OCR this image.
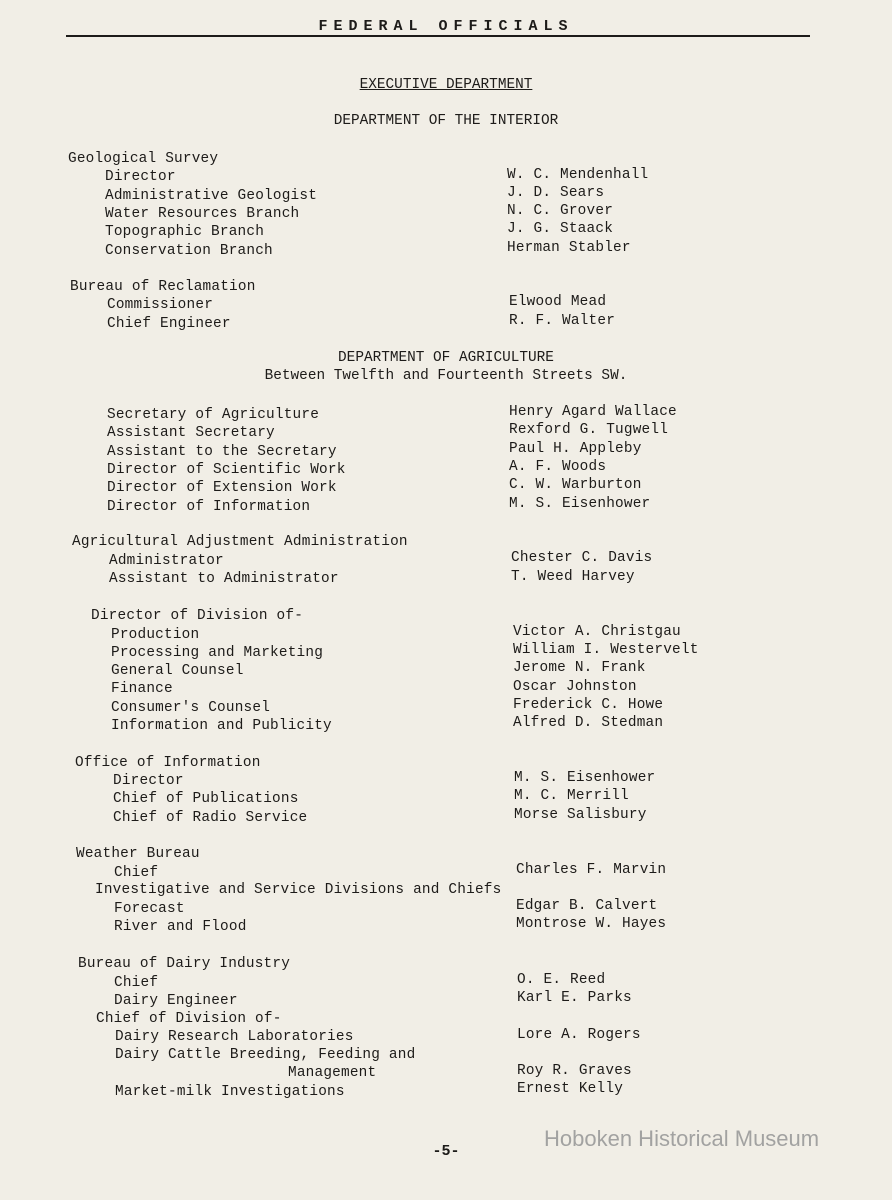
FEDERAL OFFICIALS
EXECUTIVE DEPARTMENT
DEPARTMENT OF THE INTERIOR
Geological Survey
Director	W. C. Mendenhall
Administrative Geologist	J. D. Sears
Water Resources Branch	N. C. Grover
Topographic Branch	J. G. Staack
Conservation Branch	Herman Stabler
Bureau of Reclamation
Commissioner	Elwood Mead
Chief Engineer	R. F. Walter
DEPARTMENT OF AGRICULTURE
Between Twelfth and Fourteenth Streets SW.
Secretary of Agriculture	Henry Agard Wallace
Assistant Secretary	Rexford G. Tugwell
Assistant to the Secretary	Paul H. Appleby
Director of Scientific Work	A. F. Woods
Director of Extension Work	C. W. Warburton
Director of Information	M. S. Eisenhower
Agricultural Adjustment Administration
Administrator	Chester C. Davis
Assistant to Administrator	T. Weed Harvey
Director of Division of-
Production	Victor A. Christgau
Processing and Marketing	William I. Westervelt
General Counsel	Jerome N. Frank
Finance	Oscar Johnston
Consumer's Counsel	Frederick C. Howe
Information and Publicity	Alfred D. Stedman
Office of Information
Director	M. S. Eisenhower
Chief of Publications	M. C. Merrill
Chief of Radio Service	Morse Salisbury
Weather Bureau
Chief	Charles F. Marvin
Investigative and Service Divisions and Chiefs
Forecast	Edgar B. Calvert
River and Flood	Montrose W. Hayes
Bureau of Dairy Industry
Chief	O. E. Reed
Dairy Engineer	Karl E. Parks
Chief of Division of-
Dairy Research Laboratories	Lore A. Rogers
Dairy Cattle Breeding, Feeding and
Management	Roy R. Graves
Market-milk Investigations	Ernest Kelly
-5-
Hoboken Historical Museum
